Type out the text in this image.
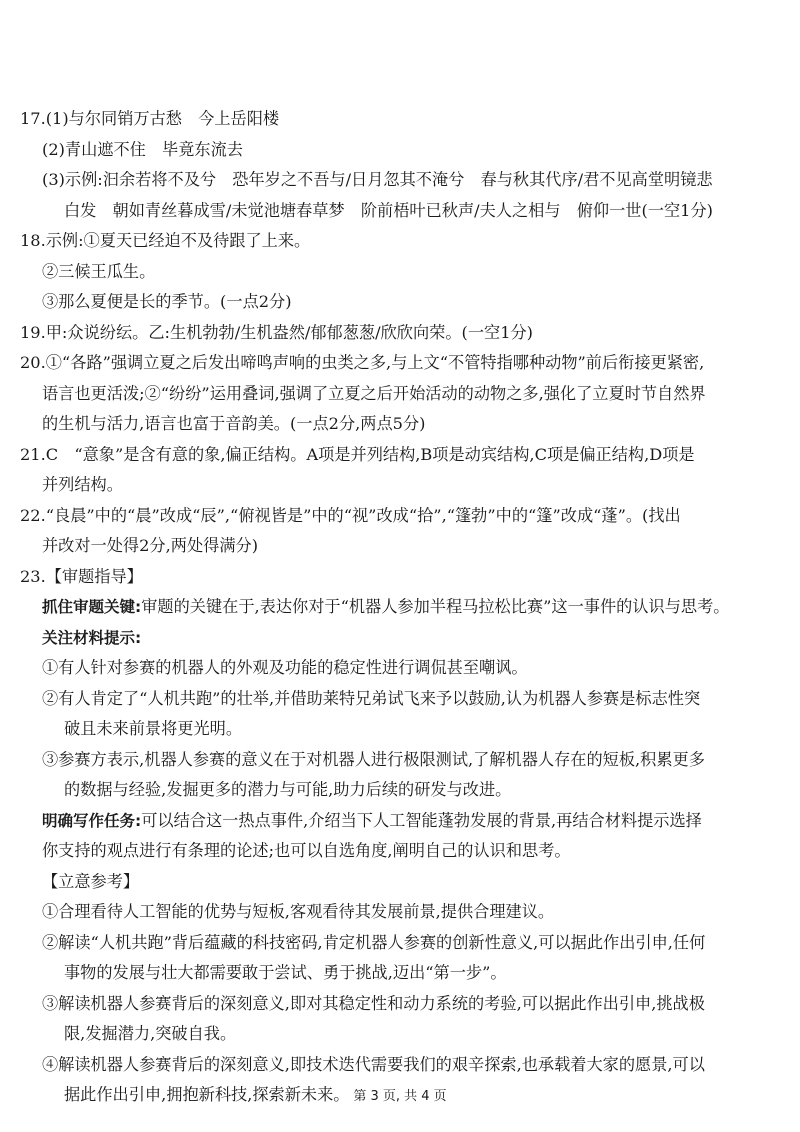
17.(1)与尔同销万古愁　今上岳阳楼
(2)青山遮不住　毕竟东流去
(3)示例:汩余若将不及兮　恐年岁之不吾与/日月忽其不淹兮　春与秋其代序/君不见高堂明镜悲
白发　朝如青丝暮成雪/未觉池塘春草梦　阶前梧叶已秋声/夫人之相与　俯仰一世(一空1分)
18.示例:①夏天已经迫不及待跟了上来。
②三候王瓜生。
③那么夏便是长的季节。(一点2分)
19.甲:众说纷纭。乙:生机勃勃/生机盎然/郁郁葱葱/欣欣向荣。(一空1分)
20.①“各路”强调立夏之后发出啼鸣声响的虫类之多,与上文“不管特指哪种动物”前后衔接更紧密,
语言也更活泼;②“纷纷”运用叠词,强调了立夏之后开始活动的动物之多,强化了立夏时节自然界
的生机与活力,语言也富于音韵美。(一点2分,两点5分)
21.C　“意象”是含有意的象,偏正结构。A项是并列结构,B项是动宾结构,C项是偏正结构,D项是
并列结构。
22.“良晨”中的“晨”改成“辰”,“俯视皆是”中的“视”改成“拾”,“篷勃”中的“篷”改成“蓬”。(找出
并改对一处得2分,两处得满分)
23.【审题指导】
抓住审题关键:审题的关键在于,表达你对于“机器人参加半程马拉松比赛”这一事件的认识与思考。
关注材料提示:
①有人针对参赛的机器人的外观及功能的稳定性进行调侃甚至嘲讽。
②有人肯定了“人机共跑”的壮举,并借助莱特兄弟试飞来予以鼓励,认为机器人参赛是标志性突
破且未来前景将更光明。
③参赛方表示,机器人参赛的意义在于对机器人进行极限测试,了解机器人存在的短板,积累更多
的数据与经验,发掘更多的潜力与可能,助力后续的研发与改进。
明确写作任务:可以结合这一热点事件,介绍当下人工智能蓬勃发展的背景,再结合材料提示选择
你支持的观点进行有条理的论述;也可以自选角度,阐明自己的认识和思考。
【立意参考】
①合理看待人工智能的优势与短板,客观看待其发展前景,提供合理建议。
②解读“人机共跑”背后蕴藏的科技密码,肯定机器人参赛的创新性意义,可以据此作出引申,任何
事物的发展与壮大都需要敢于尝试、勇于挑战,迈出“第一步”。
③解读机器人参赛背后的深刻意义,即对其稳定性和动力系统的考验,可以据此作出引申,挑战极
限,发掘潜力,突破自我。
④解读机器人参赛背后的深刻意义,即技术迭代需要我们的艰辛探索,也承载着大家的愿景,可以
据此作出引申,拥抱新科技,探索新未来。 第 3 页, 共 4 页
